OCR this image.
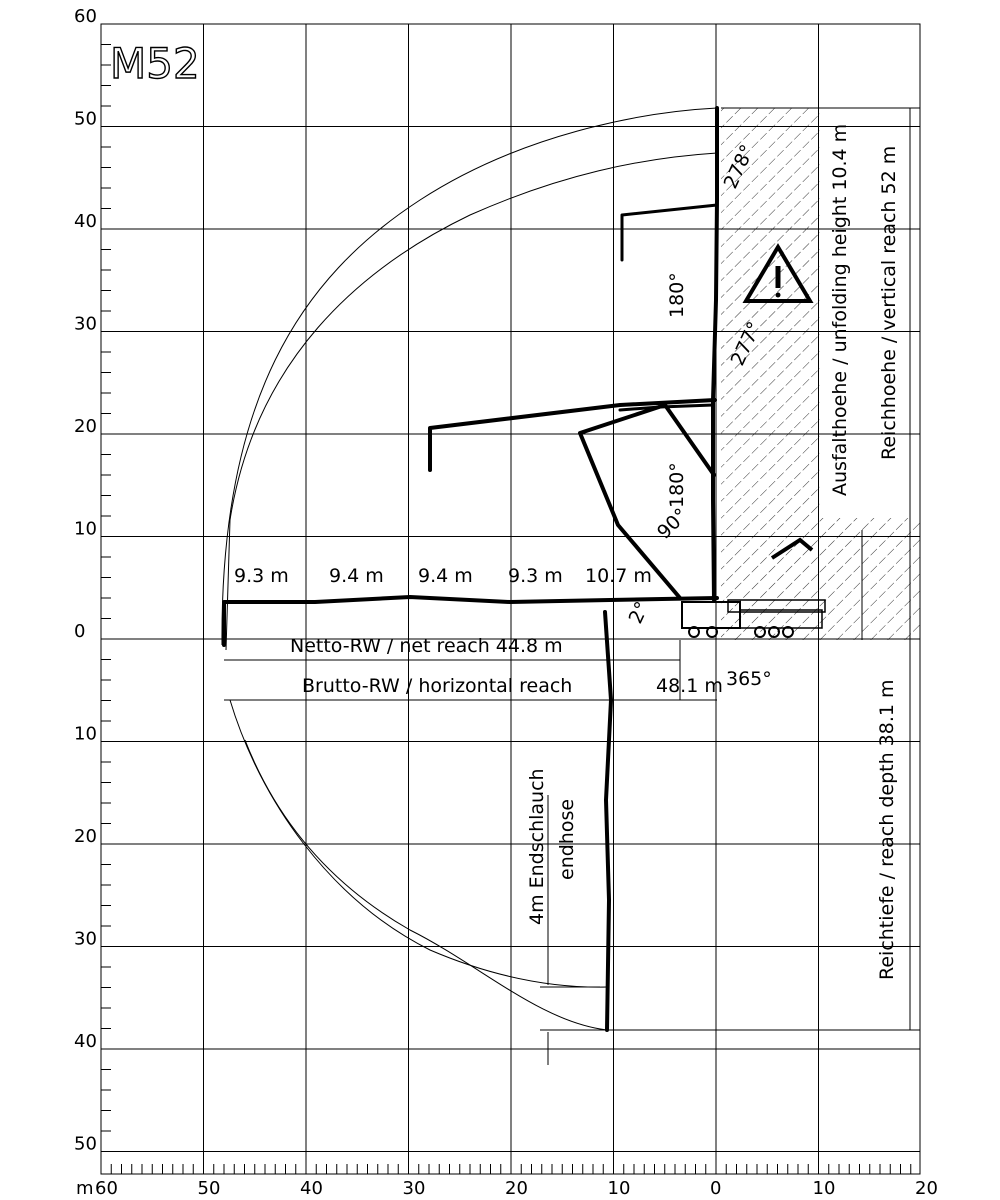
M52
60
50
40
30
20
10
0
10
20
30
40
50
60	50	40	30	20	10	0	10	20
m
9.3 m 9.4 m 9.4 m 9.3 m 10.7 m
278°
180°
277°
180°
90°
2°
365°
Netto-RW / net reach 44.8 m
Brutto-RW / horizontal reach	48.1 m
Ausfalthoehe / unfolding height 10.4 m Reichhoehe / vertical reach 52 m
Reichtiefe / reach depth 38.1 m
4m Endschlauch endhose
